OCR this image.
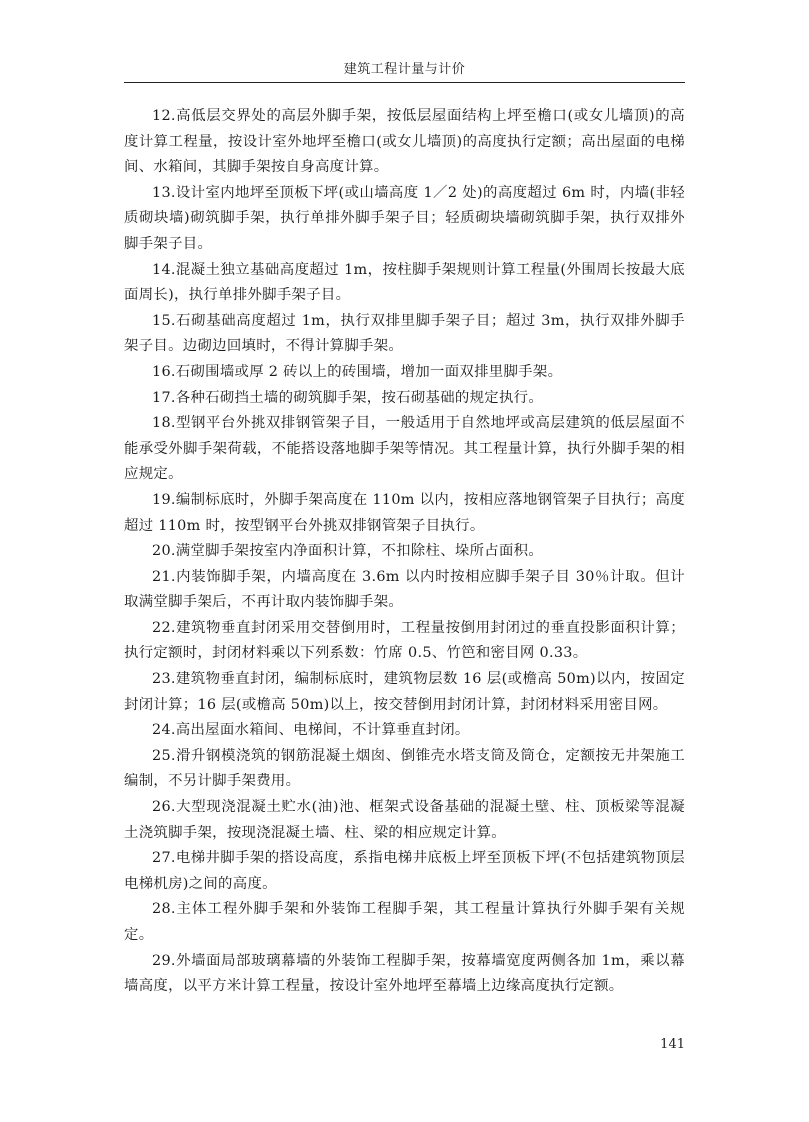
建筑工程计量与计价

12.高低层交界处的高层外脚手架，按低层屋面结构上坪至檐口(或女儿墙顶)的高度计算工程量，按设计室外地坪至檐口(或女儿墙顶)的高度执行定额；高出屋面的电梯间、水箱间，其脚手架按自身高度计算。

13.设计室内地坪至顶板下坪(或山墙高度 1／2 处)的高度超过 6m 时，内墙(非轻质砌块墙)砌筑脚手架，执行单排外脚手架子目；轻质砌块墙砌筑脚手架，执行双排外脚手架子目。

14.混凝土独立基础高度超过 1m，按柱脚手架规则计算工程量(外围周长按最大底面周长)，执行单排外脚手架子目。

15.石砌基础高度超过 1m，执行双排里脚手架子目；超过 3m，执行双排外脚手架子目。边砌边回填时，不得计算脚手架。

16.石砌围墙或厚 2 砖以上的砖围墙，增加一面双排里脚手架。

17.各种石砌挡土墙的砌筑脚手架，按石砌基础的规定执行。

18.型钢平台外挑双排钢管架子目，一般适用于自然地坪或高层建筑的低层屋面不能承受外脚手架荷载，不能搭设落地脚手架等情况。其工程量计算，执行外脚手架的相应规定。

19.编制标底时，外脚手架高度在 110m 以内，按相应落地钢管架子目执行；高度超过 110m 时，按型钢平台外挑双排钢管架子目执行。

20.满堂脚手架按室内净面积计算，不扣除柱、垛所占面积。

21.内装饰脚手架，内墙高度在 3.6m 以内时按相应脚手架子目 30％计取。但计取满堂脚手架后，不再计取内装饰脚手架。

22.建筑物垂直封闭采用交替倒用时，工程量按倒用封闭过的垂直投影面积计算；执行定额时，封闭材料乘以下列系数：竹席 0.5、竹笆和密目网 0.33。

23.建筑物垂直封闭，编制标底时，建筑物层数 16 层(或檐高 50m)以内，按固定封闭计算；16 层(或檐高 50m)以上，按交替倒用封闭计算，封闭材料采用密目网。

24.高出屋面水箱间、电梯间，不计算垂直封闭。

25.滑升钢模浇筑的钢筋混凝土烟囱、倒锥壳水塔支筒及筒仓，定额按无井架施工编制，不另计脚手架费用。

26.大型现浇混凝土贮水(油)池、框架式设备基础的混凝土壁、柱、顶板梁等混凝土浇筑脚手架，按现浇混凝土墙、柱、梁的相应规定计算。

27.电梯井脚手架的搭设高度，系指电梯井底板上坪至顶板下坪(不包括建筑物顶层电梯机房)之间的高度。

28.主体工程外脚手架和外装饰工程脚手架，其工程量计算执行外脚手架有关规定。

29.外墙面局部玻璃幕墙的外装饰工程脚手架，按幕墙宽度两侧各加 1m，乘以幕墙高度，以平方米计算工程量，按设计室外地坪至幕墙上边缘高度执行定额。

141
